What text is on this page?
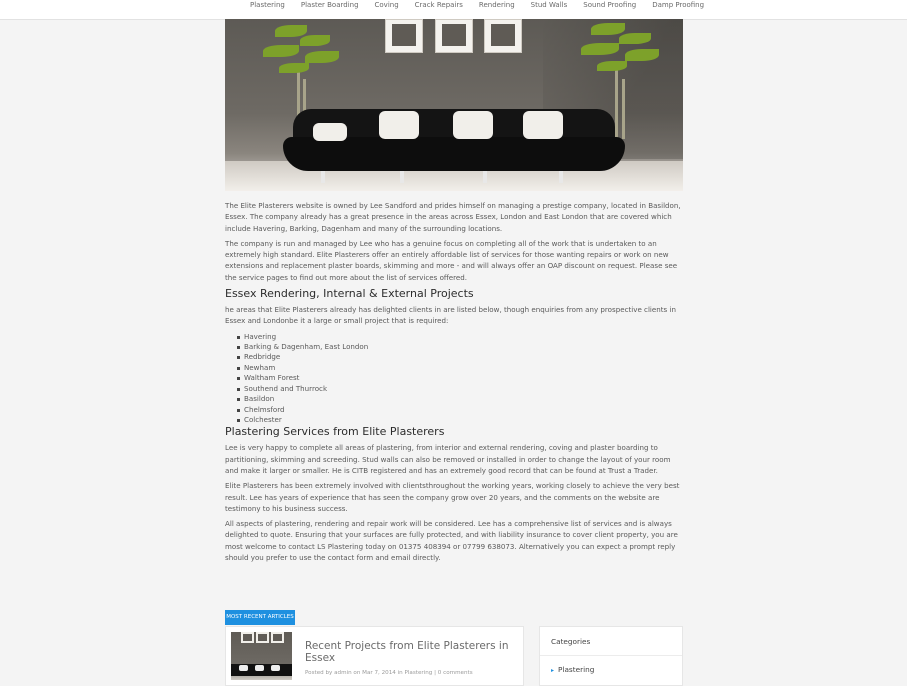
Plastering Plaster Boarding Coving Crack Repairs Rendering Stud Walls Sound Proofing Damp Proofing

The Elite Plasterers website is owned by Lee Sandford and prides himself on managing a prestige company, located in Basildon, Essex. The company already has a great presence in the areas across Essex, London and East London that are covered which include Havering, Barking, Dagenham and many of the surrounding locations.

The company is run and managed by Lee who has a genuine focus on completing all of the work that is undertaken to an extremely high standard. Elite Plasterers offer an entirely affordable list of services for those wanting repairs or work on new extensions and replacement plaster boards, skimming and more - and will always offer an OAP discount on request. Please see the service pages to find out more about the list of services offered.

Essex Rendering, Internal & External Projects

he areas that Elite Plasterers already has delighted clients in are listed below, though enquiries from any prospective clients in Essex and Londonbe it a large or small project that is required:

Havering
Barking & Dagenham, East London
Redbridge
Newham
Waltham Forest
Southend and Thurrock
Basildon
Chelmsford
Colchester
Plastering Services from Elite Plasterers

Lee is very happy to complete all areas of plastering, from interior and external rendering, coving and plaster boarding to partitioning, skimming and screeding. Stud walls can also be removed or installed in order to change the layout of your room and make it larger or smaller. He is CITB registered and has an extremely good record that can be found at Trust a Trader.

Elite Plasterers has been extremely involved with clientsthroughout the working years, working closely to achieve the very best result. Lee has years of experience that has seen the company grow over 20 years, and the comments on the website are testimony to his business success.

All aspects of plastering, rendering and repair work will be considered. Lee has a comprehensive list of services and is always delighted to quote. Ensuring that your surfaces are fully protected, and with liability insurance to cover client property, you are most welcome to contact LS Plastering today on 01375 408394 or 07799 638073. Alternatively you can expect a prompt reply should you prefer to use the contact form and email directly.

MOST RECENT ARTICLES
Recent Projects from Elite Plasterers in Essex
Posted by admin on Mar 7, 2014 in Plastering | 0 comments
Categories
▸ Plastering
